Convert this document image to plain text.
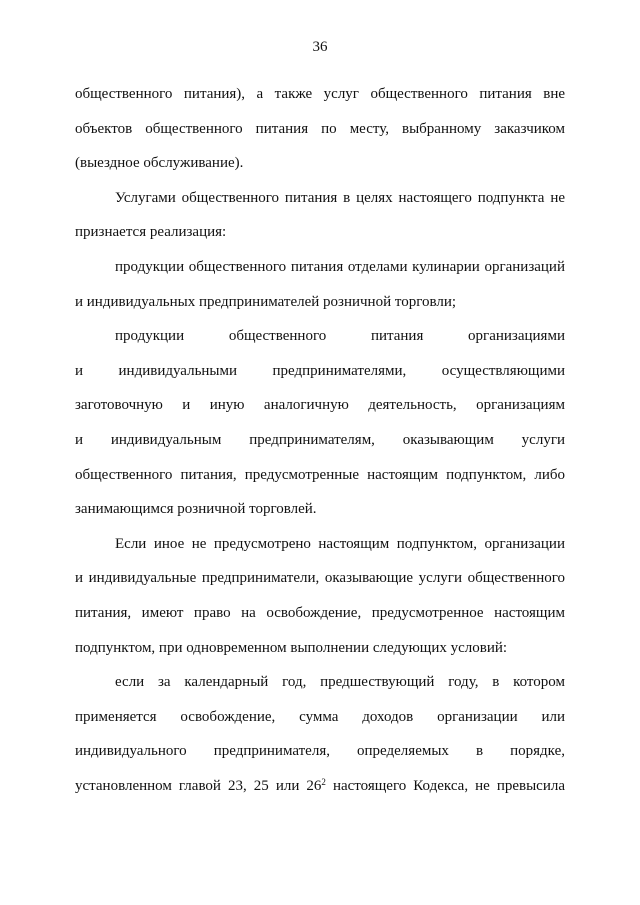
36
общественного питания), а также услуг общественного питания вне
объектов общественного питания по месту, выбранному заказчиком
(выездное обслуживание).
Услугами общественного питания в целях настоящего подпункта не
признается реализация:
продукции общественного питания отделами кулинарии организаций
и индивидуальных предпринимателей розничной торговли;
продукции	общественного	питания	организациями
и индивидуальными предпринимателями, осуществляющими
заготовочную и иную аналогичную деятельность, организациям
и индивидуальным предпринимателям, оказывающим услуги
общественного питания, предусмотренные настоящим подпунктом, либо
занимающимся розничной торговлей.
Если иное не предусмотрено настоящим подпунктом, организации
и индивидуальные предприниматели, оказывающие услуги общественного
питания, имеют право на освобождение, предусмотренное настоящим
подпунктом, при одновременном выполнении следующих условий:
если за календарный год, предшествующий году, в котором
применяется освобождение, сумма доходов организации или
индивидуального предпринимателя, определяемых в порядке,
установленном главой 23, 25 или $26^2$ настоящего Кодекса, не превысила
